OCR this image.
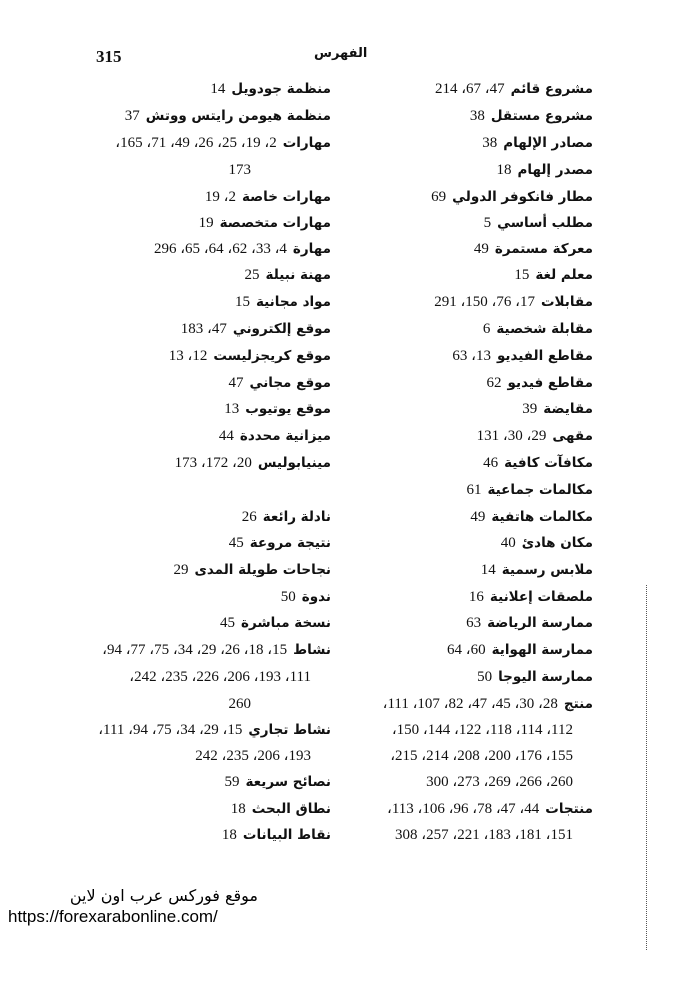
315	الفهرس
مشروع قائم47، 67، 214
مشروع مستقل38
مصادر الإلهام38
مصدر إلهام18
مطار فانكوفر الدولي69
مطلب أساسي5
معركة مستمرة49
معلم لغة15
مقابلات17، 76، 150، 291
مقابلة شخصية6
مقاطع الفيديو13، 63
مقاطع فيديو62
مقايضة39
مقهى29، 30، 131
مكافآت كافية46
مكالمات جماعية61
مكالمات هاتفية49
مكان هادئ40
ملابس رسمية14
ملصقات إعلانية16
ممارسة الرياضة63
ممارسة الهواية60، 64
ممارسة اليوجا50
منتج28، 30، 45، 47، 82، 107، 111،
112، 114، 118، 122، 144، 150،
155، 176، 200، 208، 214، 215،
260، 266، 269، 273، 300
منتجات44، 47، 78، 96، 106، 113،
151، 181، 183، 221، 257، 308
منظمة جودويل14
منظمة هيومن رايتس ووتش37
مهارات2، 19، 25، 26، 49، 71، 165،
173
مهارات خاصة2، 19
مهارات متخصصة19
مهارة4، 33، 62، 64، 65، 296
مهنة نبيلة25
مواد مجانية15
موقع إلكتروني47، 183
موقع كريجزليست12، 13
موقع مجاني47
موقع يوتيوب13
ميزانية محددة44
مينيابوليس20، 172، 173
نادلة رائعة26
نتيجة مروعة45
نجاحات طويلة المدى29
ندوة50
نسخة مباشرة45
نشاط15، 18، 26، 29، 34، 75، 77، 94،
111، 193، 206، 226، 235، 242،
260
نشاط تجاري15، 29، 34، 75، 94، 111،
193، 206، 235، 242
نصائح سريعة59
نطاق البحث18
نقاط البيانات18
موقع فوركس عرب اون لاين
https://forexarabonline.com/
